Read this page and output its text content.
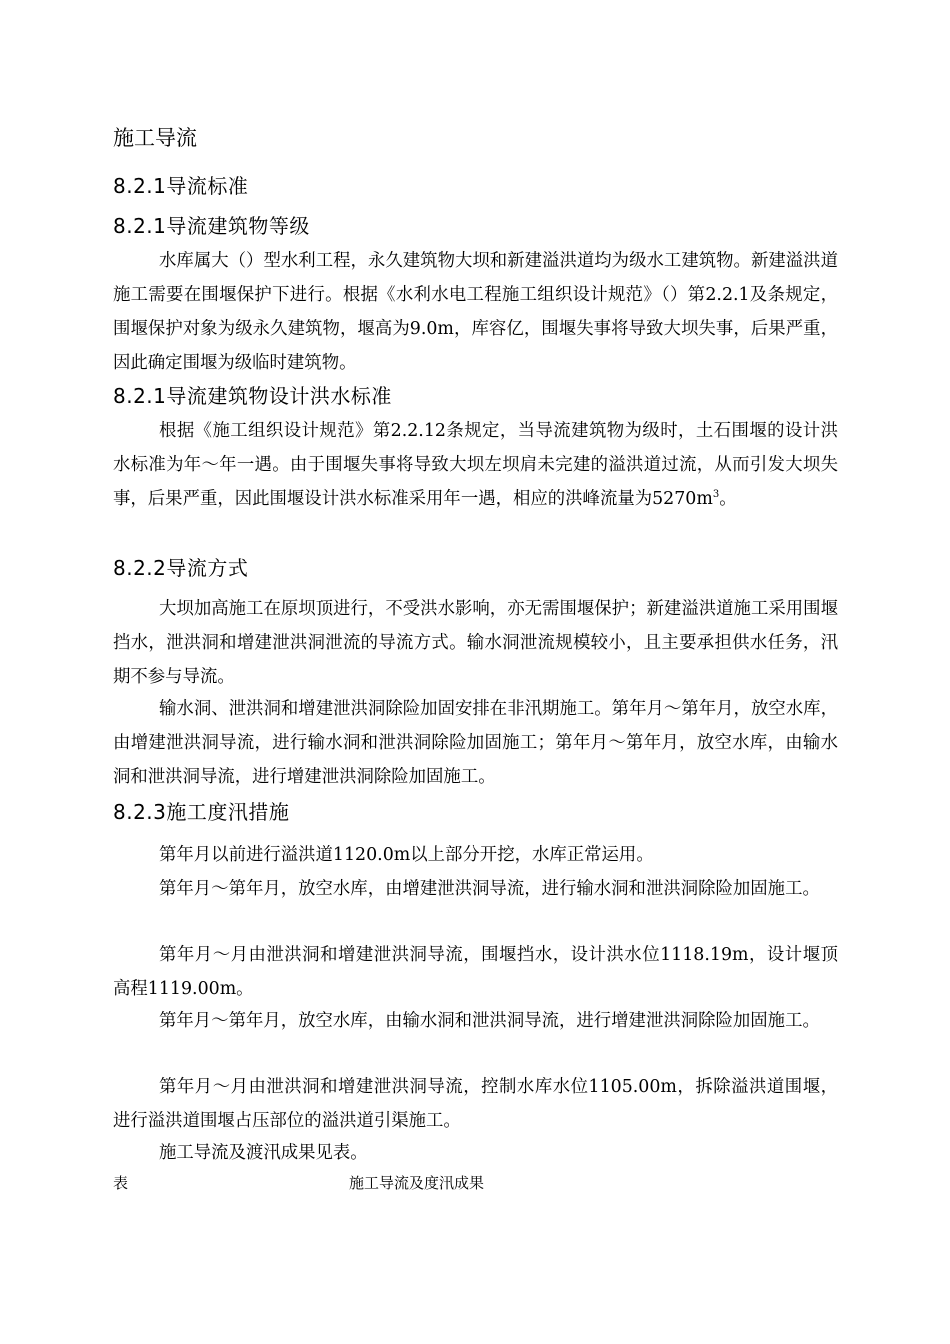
施工导流
8.2.1导流标准
8.2.1导流建筑物等级

水库属大（）型水利工程，永久建筑物大坝和新建溢洪道均为级水工建筑物。新建溢洪道施工需要在围堰保护下进行。根据《水利水电工程施工组织设计规范》（）第2.2.1及条规定，围堰保护对象为级永久建筑物，堰高为9.0m，库容亿，围堰失事将导致大坝失事，后果严重，因此确定围堰为级临时建筑物。

8.2.1导流建筑物设计洪水标准

根据《施工组织设计规范》第2.2.12条规定，当导流建筑物为级时，土石围堰的设计洪水标准为年～年一遇。由于围堰失事将导致大坝左坝肩未完建的溢洪道过流，从而引发大坝失事，后果严重，因此围堰设计洪水标准采用年一遇，相应的洪峰流量为$5270m^3$。

8.2.2导流方式

大坝加高施工在原坝顶进行，不受洪水影响，亦无需围堰保护；新建溢洪道施工采用围堰挡水，泄洪洞和增建泄洪洞泄流的导流方式。输水洞泄流规模较小，且主要承担供水任务，汛期不参与导流。

输水洞、泄洪洞和增建泄洪洞除险加固安排在非汛期施工。第年月～第年月，放空水库，由增建泄洪洞导流，进行输水洞和泄洪洞除险加固施工；第年月～第年月，放空水库，由输水洞和泄洪洞导流，进行增建泄洪洞除险加固施工。

8.2.3施工度汛措施

第年月以前进行溢洪道1120.0m以上部分开挖，水库正常运用。

第年月～第年月，放空水库，由增建泄洪洞导流，进行输水洞和泄洪洞除险加固施工。

第年月～月由泄洪洞和增建泄洪洞导流，围堰挡水，设计洪水位1118.19m，设计堰顶高程1119.00m。

第年月～第年月，放空水库，由输水洞和泄洪洞导流，进行增建泄洪洞除险加固施工。

第年月～月由泄洪洞和增建泄洪洞导流，控制水库水位1105.00m，拆除溢洪道围堰，进行溢洪道围堰占压部位的溢洪道引渠施工。

施工导流及渡汛成果见表。

表	施工导流及度汛成果
